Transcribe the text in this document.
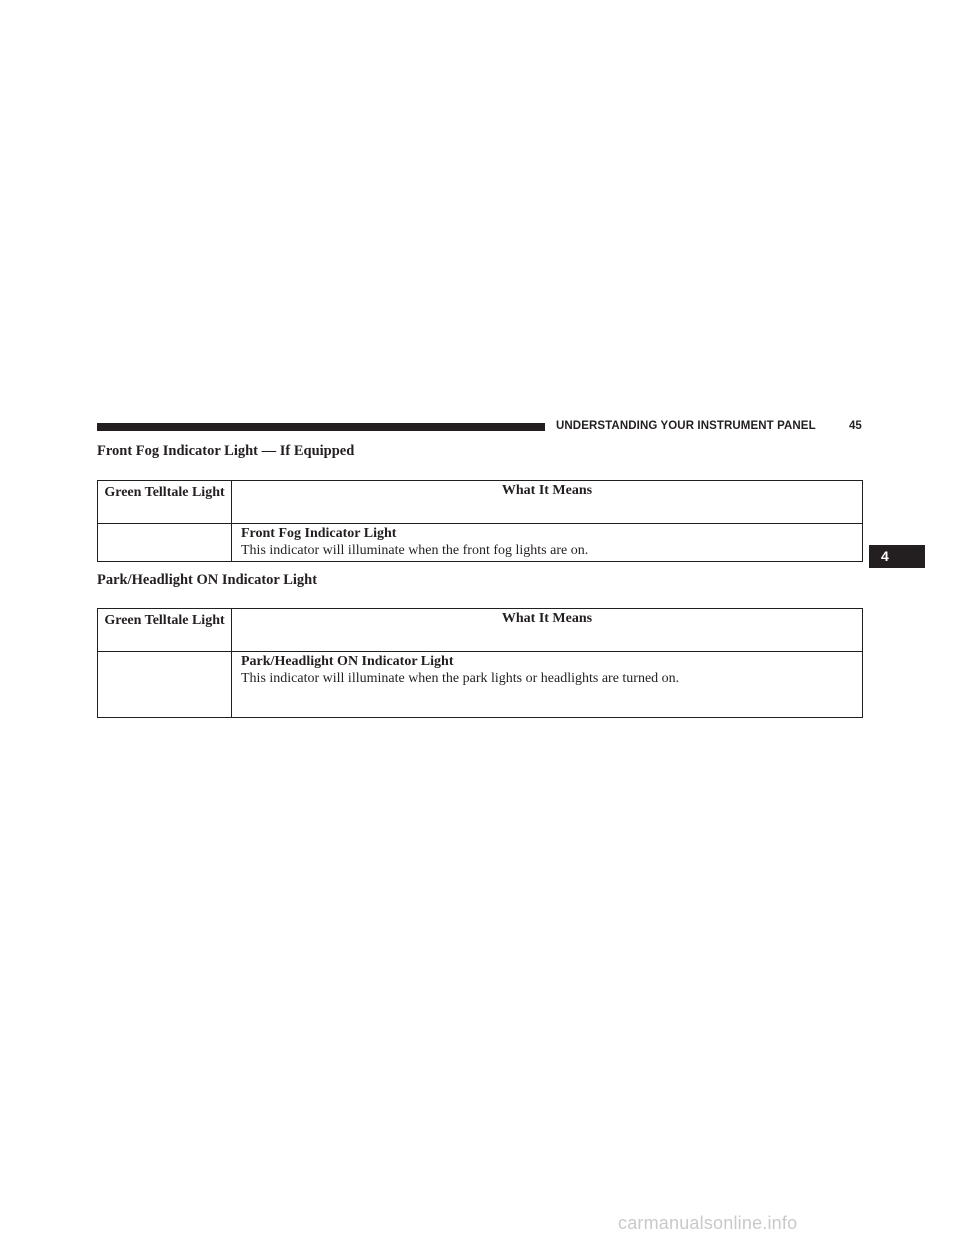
UNDERSTANDING YOUR INSTRUMENT PANEL	45
4
Front Fog Indicator Light — If Equipped
Green Telltale Light	What It Means

	Front Fog Indicator Light
This indicator will illuminate when the front fog lights are on.
Park/Headlight ON Indicator Light
Green Telltale Light	What It Means

	Park/Headlight ON Indicator Light
This indicator will illuminate when the park lights or headlights are turned on.
carmanualsonline.info
